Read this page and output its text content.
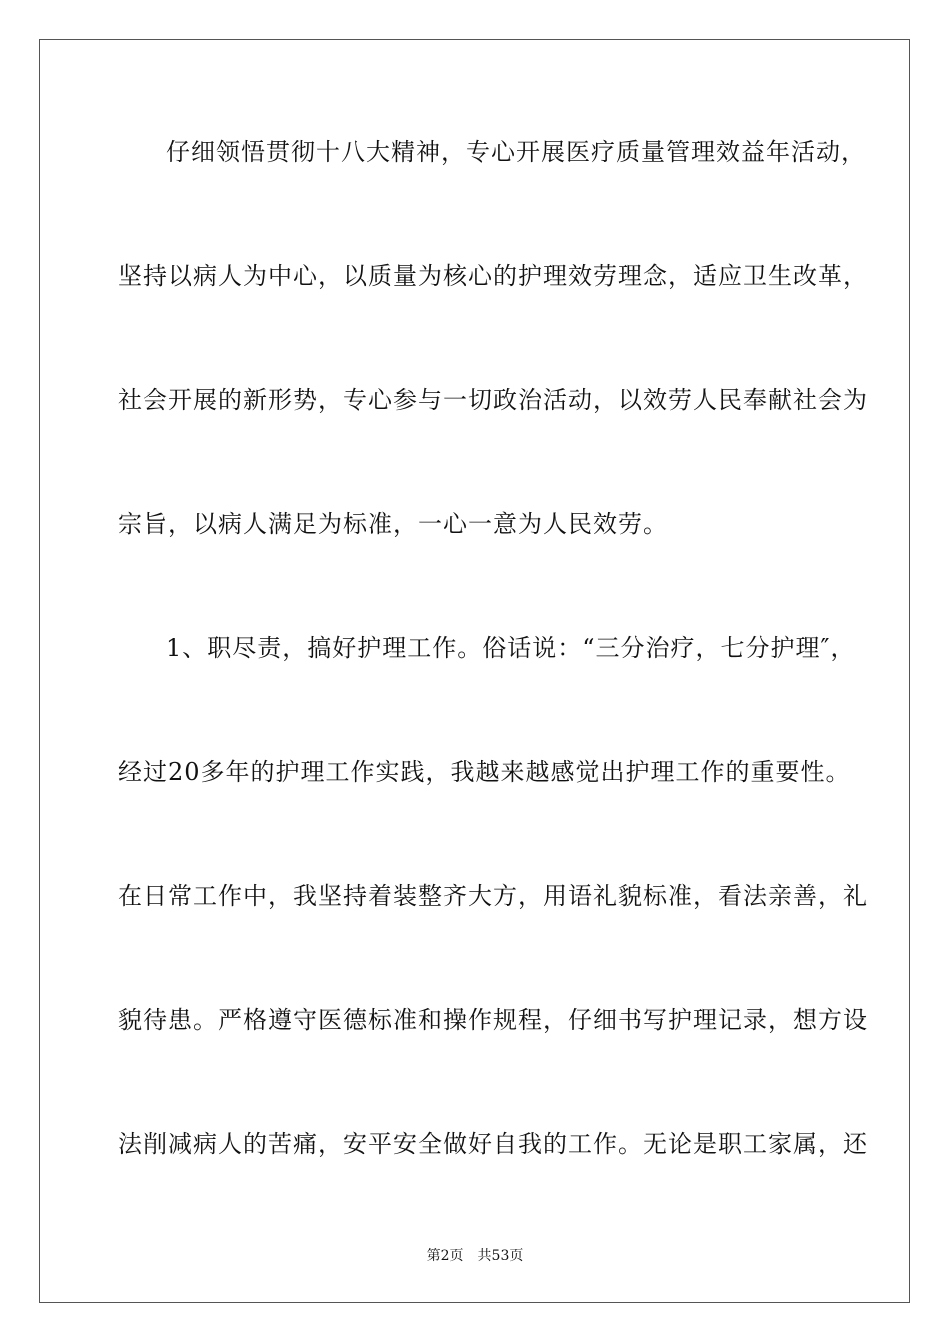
仔细领悟贯彻十八大精神，专心开展医疗质量管理效益年活动，
坚持以病人为中心，以质量为核心的护理效劳理念，适应卫生改革，
社会开展的新形势，专心参与一切政治活动，以效劳人民奉献社会为
宗旨，以病人满足为标准，一心一意为人民效劳。
1、职尽责，搞好护理工作。俗话说：“三分治疗，七分护理″，
经过20多年的护理工作实践，我越来越感觉出护理工作的重要性。
在日常工作中，我坚持着装整齐大方，用语礼貌标准，看法亲善，礼
貌待患。严格遵守医德标准和操作规程，仔细书写护理记录，想方设
法削减病人的苦痛，安平安全做好自我的工作。无论是职工家属，还
第2页 共53页
